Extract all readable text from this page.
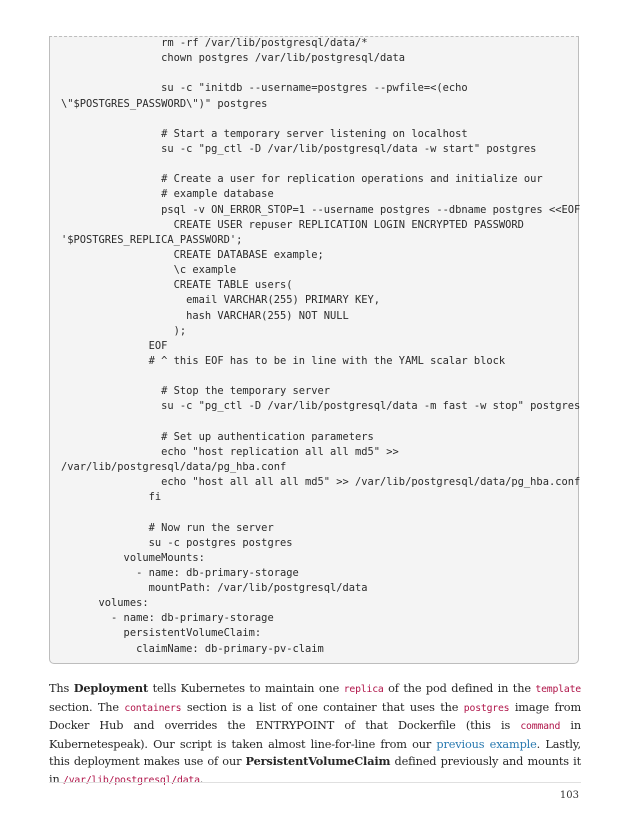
rm -rf /var/lib/postgresql/data/*
chown postgres /var/lib/postgresql/data
su -c "initdb --username=postgres --pwfile=<(echo
\"$POSTGRES_PASSWORD\")" postgres
# Start a temporary server listening on localhost
su -c "pg_ctl -D /var/lib/postgresql/data -w start" postgres
# Create a user for replication operations and initialize our
# example database
psql -v ON_ERROR_STOP=1 --username postgres --dbname postgres <<EOF
CREATE USER repuser REPLICATION LOGIN ENCRYPTED PASSWORD
'$POSTGRES_REPLICA_PASSWORD';
CREATE DATABASE example;
\c example
CREATE TABLE users(
email VARCHAR(255) PRIMARY KEY,
hash VARCHAR(255) NOT NULL
);
EOF
# ^ this EOF has to be in line with the YAML scalar block
# Stop the temporary server
su -c "pg_ctl -D /var/lib/postgresql/data -m fast -w stop" postgres
# Set up authentication parameters
echo "host replication all all md5" >>
/var/lib/postgresql/data/pg_hba.conf
echo "host all all all md5" >> /var/lib/postgresql/data/pg_hba.conf
fi
# Now run the server
su -c postgres postgres
volumeMounts:
- name: db-primary-storage
mountPath: /var/lib/postgresql/data
volumes:
- name: db-primary-storage
persistentVolumeClaim:
claimName: db-primary-pv-claim

Ths Deployment tells Kubernetes to maintain one replica of the pod defined in the template section. The containers section is a list of one container that uses the postgres image from Docker Hub and overrides the ENTRYPOINT of that Dockerfile (this is command in Kubernetespeak). Our script is taken almost line-for-line from our previous example. Lastly, this deployment makes use of our PersistentVolumeClaim defined previously and mounts it in /var/lib/postgresql/data.

103
